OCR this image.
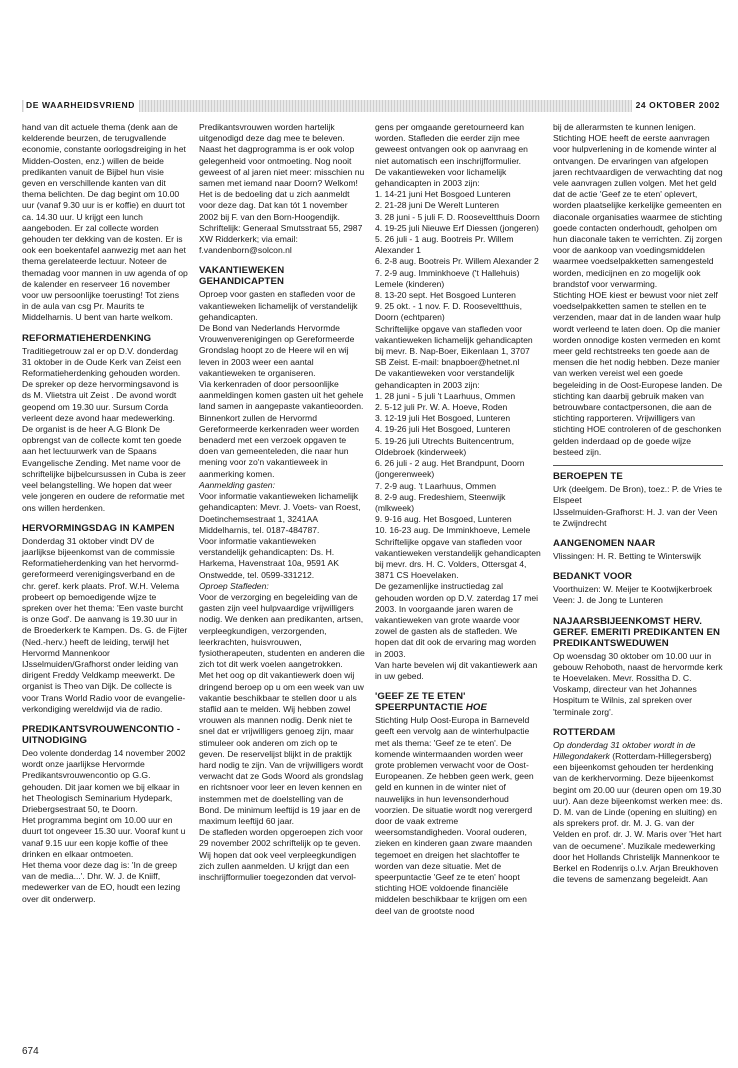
DE WAARHEIDSVRIEND	24 OKTOBER 2002

hand van dit actuele thema (denk aan de kelderende beurzen, de terugvallende economie, constante oorlogsdreiging in het Midden-Oosten, enz.) willen de beide predikanten vanuit de Bijbel hun visie geven en verschillende kanten van dit thema belichten. De dag begint om 10.00 uur (vanaf 9.30 uur is er koffie) en duurt tot ca. 14.30 uur. U krijgt een lunch aangeboden. Er zal collecte worden gehouden ter dekking van de kosten. Er is ook een boekentafel aanwezig met aan het thema gerelateerde lectuur. Noteer de themadag voor mannen in uw agenda of op de kalender en reserveer 16 november voor uw persoonlijke toerusting! Tot ziens in de aula van csg Pr. Maurits te Middelharnis. U bent van harte welkom.

REFORMATIEHERDENKING

Traditiegetrouw zal er op D.V. donderdag 31 oktober in de Oude Kerk van Zeist een Reformatieherdenking gehouden worden. De spreker op deze hervormingsavond is ds M. Vlietstra uit Zeist . De avond wordt geopend om 19.30 uur. Sursum Corda verleent deze avond haar medewerking. De organist is de heer A.G Blonk De opbrengst van de collecte komt ten goede aan het lectuurwerk van de Spaans Evangelische Zending. Met name voor de schriftelijke bijbelcursussen in Cuba is zeer veel belangstelling. We hopen dat weer vele jongeren en oudere de reformatie met ons willen herdenken.

HERVORMINGSDAG IN KAMPEN

Donderdag 31 oktober vindt DV de jaarlijkse bijeenkomst van de commissie Reformatieherdenking van het hervormd-gereformeerd verenigingsverband en de chr. geref. kerk plaats. Prof. W.H. Velema probeert op bemoedigende wijze te spreken over het thema: 'Een vaste burcht is onze God'. De aanvang is 19.30 uur in de Broederkerk te Kampen. Ds. G. de Fijter (Ned.-herv.) heeft de leiding, terwijl het Hervormd Mannenkoor IJsselmuiden/Grafhorst onder leiding van dirigent Freddy Veldkamp meewerkt. De organist is Theo van Dijk. De collecte is voor Trans World Radio voor de evangelie-verkondiging wereldwijd via de radio.

PREDIKANTSVROUWENCONTIO - UITNODIGING

Deo volente donderdag 14 november 2002 wordt onze jaarlijkse Hervormde Predikantsvrouwencontio op G.G. gehouden. Dit jaar komen we bij elkaar in het Theologisch Seminarium Hydepark, Driebergsestraat 50, te Doorn.

Het programma begint om 10.00 uur en duurt tot ongeveer 15.30 uur. Vooraf kunt u vanaf 9.15 uur een kopje koffie of thee drinken en elkaar ontmoeten.

Het thema voor deze dag is: 'In de greep van de media...'. Dhr. W. J. de Kniiff, medewerker van de EO, houdt een lezing over dit onderwerp.

Predikantsvrouwen worden hartelijk uitgenodigd deze dag mee te beleven. Naast het dagprogramma is er ook volop gelegenheid voor ontmoeting. Nog nooit geweest of al jaren niet meer: misschien nu samen met iemand naar Doorn? Welkom!

Het is de bedoeling dat u zich aanmeldt voor deze dag. Dat kan tót 1 november 2002 bij F. van den Born-Hoogendijk.

Schriftelijk: Generaal Smutsstraat 55, 2987 XW Ridderkerk; via email: f.vandenborn@solcon.nl

VAKANTIEWEKEN GEHANDICAPTEN

Oproep voor gasten en stafleden voor de vakantieweken lichamelijk of verstandelijk gehandicapten.

De Bond van Nederlands Hervormde Vrouwenverenigingen op Gereformeerde Grondslag hoopt zo de Heere wil en wij leven in 2003 weer een aantal vakantieweken te organiseren.

Via kerkenraden of door persoonlijke aanmeldingen komen gasten uit het gehele land samen in aangepaste vakantieoorden. Binnenkort zullen de Hervormd Gereformeerde kerkenraden weer worden benaderd met een verzoek opgaven te doen van gemeenteleden, die naar hun mening voor zo'n vakantieweek in aanmerking komen.

Aanmelding gasten:

Voor informatie vakantieweken lichamelijk gehandicapten: Mevr. J. Voets- van Roest, Doetinchemsestraat 1, 3241AA Middelharnis, tel. 0187-484787.

Voor informatie vakantieweken verstandelijk gehandicapten: Ds. H. Harkema, Havenstraat 10a, 9591 AK Onstwedde, tel. 0599-331212.

Oproep Stafleden:

Voor de verzorging en begeleiding van de gasten zijn veel hulpvaardige vrijwilligers nodig. We denken aan predikanten, artsen, verpleegkundigen, verzorgenden, leerkrachten, huisvrouwen, fysiotherapeuten, studenten en anderen die zich tot dit werk voelen aangetrokken.

Met het oog op dit vakantiewerk doen wij dringend beroep op u om een week van uw vakantie beschikbaar te stellen door u als staflid aan te melden. Wij hebben zowel vrouwen als mannen nodig. Denk niet te snel dat er vrijwilligers genoeg zijn, maar stimuleer ook anderen om zich op te geven. De reservelijst blijkt in de praktijk hard nodig te zijn. Van de vrijwilligers wordt verwacht dat ze Gods Woord als grondslag en richtsnoer voor leer en leven kennen en instemmen met de doelstelling van de Bond. De minimum leeftijd is 19 jaar en de maximum leeftijd 60 jaar.

De stafleden worden opgeroepen zich voor 29 november 2002 schriftelijk op te geven. Wij hopen dat ook veel verpleegkundigen zich zullen aanmelden. U krijgt dan een inschrijfformulier toegezonden dat vervol-

gens per omgaande geretourneerd kan worden. Stafleden die eerder zijn mee geweest ontvangen ook op aanvraag en niet automatisch een inschrijfformulier.

De vakantieweken voor lichamelijk gehandicapten in 2003 zijn:

1. 14-21 juni Het Bosgoed Lunteren

2. 21-28 juni De Werelt Lunteren

3. 28 juni - 5 juli F. D. Rooseveltthuis Doorn

4. 19-25 juli Nieuwe Erf Diessen (jongeren)

5. 26 juli - 1 aug. Bootreis Pr. Willem Alexander 1

6. 2-8 aug. Bootreis Pr. Willem Alexander 2

7. 2-9 aug. Imminkhoeve ('t Hallehuis) Lemele (kinderen)

8. 13-20 sept. Het Bosgoed Lunteren

9. 25 okt. - 1 nov. F. D. Rooseveltthuis, Doorn (echtparen)

Schriftelijke opgave van stafleden voor vakantieweken lichamelijk gehandicapten bij mevr. B. Nap-Boer, Eikenlaan 1, 3707 SB Zeist. E-mail: bnapboer@hetnet.nl

De vakantieweken voor verstandelijk gehandicapten in 2003 zijn:

1. 28 juni - 5 juli 't Laarhuus, Ommen

2. 5-12 juli Pr. W. A. Hoeve, Roden

3. 12-19 juli Het Bosgoed, Lunteren

4. 19-26 juli Het Bosgoed, Lunteren

5. 19-26 juli Utrechts Buitencentrum, Oldebroek (kinderweek)

6. 26 juli - 2 aug. Het Brandpunt, Doorn (jongerenweek)

7. 2-9 aug. 't Laarhuus, Ommen

8. 2-9 aug. Fredeshiem, Steenwijk (mlkweek)

9. 9-16 aug. Het Bosgoed, Lunteren

10. 16-23 aug. De Imminkhoeve, Lemele

Schriftelijke opgave van stafleden voor vakantieweken verstandelijk gehandicapten bij mevr. drs. H. C. Volders, Ottersgat 4, 3871 CS Hoevelaken.

De gezamenlijke instructiedag zal gehouden worden op D.V. zaterdag 17 mei 2003. In voorgaande jaren waren de vakantieweken van grote waarde voor zowel de gasten als de stafleden. We hopen dat dit ook de ervaring mag worden in 2003.

Van harte bevelen wij dit vakantiewerk aan in uw gebed.

'GEEF ZE TE ETEN'
SPEERPUNTACTIE HOE

Stichting Hulp Oost-Europa in Barneveld geeft een vervolg aan de winterhulpactie met als thema: 'Geef ze te eten'. De komende wintermaanden worden weer grote problemen verwacht voor de Oost-Europeanen. Ze hebben geen werk, geen geld en kunnen in de winter niet of nauwelijks in hun levensonderhoud voorzien. De situatie wordt nog verergerd door de vaak extreme weersomstandigheden. Vooral ouderen, zieken en kinderen gaan zware maanden tegemoet en dreigen het slachtoffer te worden van deze situatie. Met de speerpuntactie 'Geef ze te eten' hoopt stichting HOE voldoende financiële middelen beschikbaar te krijgen om een deel van de grootste nood

bij de allerarmsten te kunnen lenigen.

Stichting HOE heeft de eerste aanvragen voor hulpverlening in de komende winter al ontvangen. De ervaringen van afgelopen jaren rechtvaardigen de verwachting dat nog vele aanvragen zullen volgen. Met het geld dat de actie 'Geef ze te eten' oplevert, worden plaatselijke kerkelijke gemeenten en diaconale organisaties waarmee de stichting goede contacten onderhoudt, geholpen om hun diaconale taken te verrichten. Zij zorgen voor de aankoop van voedingsmiddelen waarmee voedselpakketten samengesteld worden, medicijnen en zo mogelijk ook brandstof voor verwarming.

Stichting HOE kiest er bewust voor niet zelf voedselpakketten samen te stellen en te verzenden, maar dat in de landen waar hulp wordt verleend te laten doen. Op die manier worden onnodige kosten vermeden en komt meer geld rechtstreeks ten goede aan de mensen die het nodig hebben. Deze manier van werken vereist wel een goede begeleiding in de Oost-Europese landen. De stichting kan daarbij gebruik maken van betrouwbare contactpersonen, die aan de stichting rapporteren. Vrijwilligers van stichting HOE controleren of de geschonken gelden inderdaad op de goede wijze besteed zijn.

BEROEPEN TE

Urk (deelgem. De Bron), toez.: P. de Vries te Elspeet

IJsselmuiden-Grafhorst: H. J. van der Veen te Zwijndrecht

AANGENOMEN NAAR

Vlissingen: H. R. Betting te Winterswijk

BEDANKT VOOR

Voorthuizen: W. Meijer te Kootwijkerbroek

Veen: J. de Jong te Lunteren

NAJAARSBIJEENKOMST HERV. GEREF. EMERITI PREDIKANTEN EN PREDIKANTSWEDUWEN

Op woensdag 30 oktober om 10.00 uur in gebouw Rehoboth, naast de hervormde kerk te Hoevelaken. Mevr. Rossitha D. C. Voskamp, directeur van het Johannes Hospitum te Wilnis, zal spreken over 'terminale zorg'.

ROTTERDAM

Op donderdag 31 oktober wordt in de Hillegondakerk (Rotterdam-Hillegersberg) een bijeenkomst gehouden ter herdenking van de kerkhervorming. Deze bijeenkomst begint om 20.00 uur (deuren open om 19.30 uur). Aan deze bijeenkomst werken mee: ds. D. M. van de Linde (opening en sluiting) en als sprekers prof. dr. M. J. G. van der Velden en prof. dr. J. W. Maris over 'Het hart van de oecumene'. Muzikale medewerking door het Hollands Christelijk Mannenkoor te Berkel en Rodenrijs o.l.v. Arjan Breukhoven die tevens de samenzang begeleidt. Aan

674
